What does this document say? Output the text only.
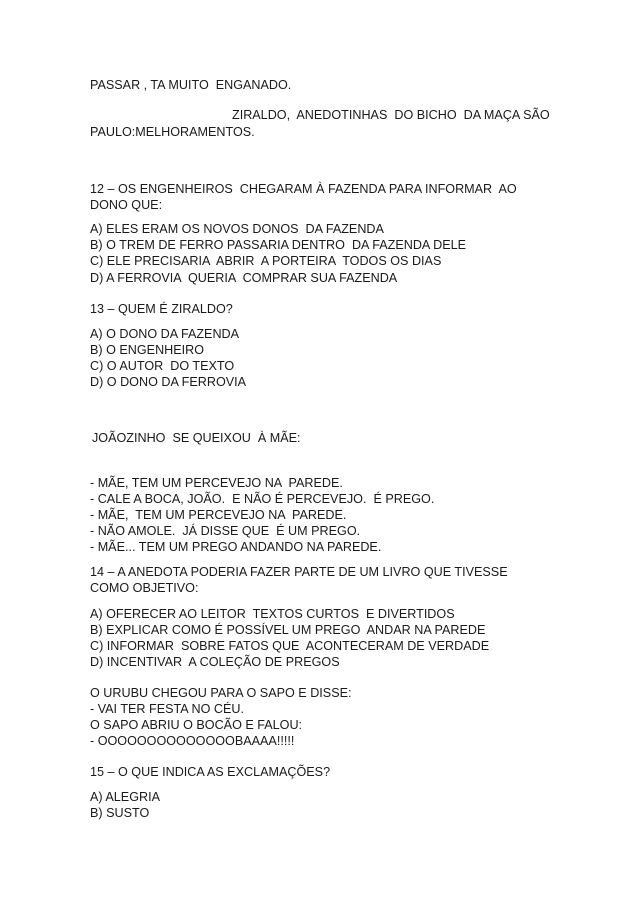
PASSAR , TA MUITO  ENGANADO.
ZIRALDO,  ANEDOTINHAS  DO BICHO  DA MAÇA SÃO
PAULO:MELHORAMENTOS.
12 – OS ENGENHEIROS  CHEGARAM À FAZENDA PARA INFORMAR  AO
DONO QUE:
A) ELES ERAM OS NOVOS DONOS  DA FAZENDA
B) O TREM DE FERRO PASSARIA DENTRO  DA FAZENDA DELE
C) ELE PRECISARIA  ABRIR  A PORTEIRA  TODOS OS DIAS
D) A FERROVIA  QUERIA  COMPRAR SUA FAZENDA
13 – QUEM É ZIRALDO?
A) O DONO DA FAZENDA
B) O ENGENHEIRO
C) O AUTOR  DO TEXTO
D) O DONO DA FERROVIA
JOÃOZINHO  SE QUEIXOU  À MÃE:
- MÃE, TEM UM PERCEVEJO NA  PAREDE.
- CALE A BOCA, JOÃO.  E NÃO É PERCEVEJO.  É PREGO.
- MÃE,  TEM UM PERCEVEJO NA  PAREDE.
- NÃO AMOLE.  JÁ DISSE QUE  É UM PREGO.
- MÃE... TEM UM PREGO ANDANDO NA PAREDE.
14 – A ANEDOTA PODERIA FAZER PARTE DE UM LIVRO QUE TIVESSE
COMO OBJETIVO:
A) OFERECER AO LEITOR  TEXTOS CURTOS  E DIVERTIDOS
B) EXPLICAR COMO É POSSÍVEL UM PREGO  ANDAR NA PAREDE
C) INFORMAR  SOBRE FATOS QUE  ACONTECERAM DE VERDADE
D) INCENTIVAR  A COLEÇÃO DE PREGOS
O URUBU CHEGOU PARA O SAPO E DISSE:
- VAI TER FESTA NO CÉU.
O SAPO ABRIU O BOCÃO E FALOU:
- OOOOOOOOOOOOOOBAAAA!!!!!
15 – O QUE INDICA AS EXCLAMAÇÕES?
A) ALEGRIA
B) SUSTO
